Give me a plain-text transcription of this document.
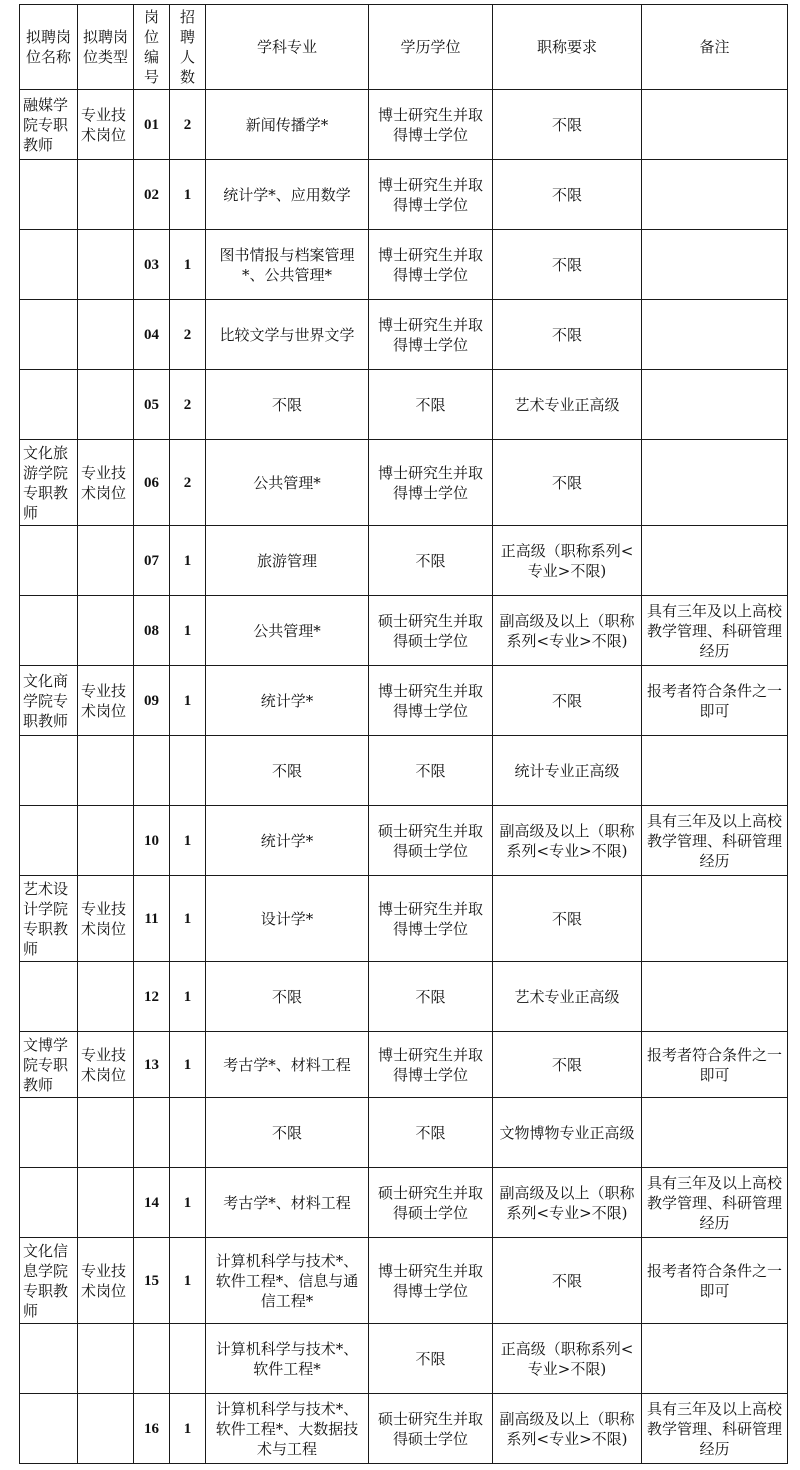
拟聘岗位名称	拟聘岗位类型	岗位编号	招聘人数	学科专业	学历学位	职称要求	备注
融媒学院专职教师	专业技术岗位	01	2	新闻传播学*	博士研究生并取得博士学位	不限	
		02	1	统计学*、应用数学	博士研究生并取得博士学位	不限	
		03	1	图书情报与档案管理*、公共管理*	博士研究生并取得博士学位	不限	
		04	2	比较文学与世界文学	博士研究生并取得博士学位	不限	
		05	2	不限	不限	艺术专业正高级	
文化旅游学院专职教师	专业技术岗位	06	2	公共管理*	博士研究生并取得博士学位	不限	
		07	1	旅游管理	不限	正高级（职称系列<专业>不限)	
		08	1	公共管理*	硕士研究生并取得硕士学位	副高级及以上（职称系列<专业>不限)	具有三年及以上高校教学管理、科研管理经历
文化商学院专职教师	专业技术岗位	09	1	统计学*	博士研究生并取得博士学位	不限	报考者符合条件之一即可
				不限	不限	统计专业正高级	
		10	1	统计学*	硕士研究生并取得硕士学位	副高级及以上（职称系列<专业>不限)	具有三年及以上高校教学管理、科研管理经历
艺术设计学院专职教师	专业技术岗位	11	1	设计学*	博士研究生并取得博士学位	不限	
		12	1	不限	不限	艺术专业正高级	
文博学院专职教师	专业技术岗位	13	1	考古学*、材料工程	博士研究生并取得博士学位	不限	报考者符合条件之一即可
				不限	不限	文物博物专业正高级	
		14	1	考古学*、材料工程	硕士研究生并取得硕士学位	副高级及以上（职称系列<专业>不限)	具有三年及以上高校教学管理、科研管理经历
文化信息学院专职教师	专业技术岗位	15	1	计算机科学与技术*、软件工程*、信息与通信工程*	博士研究生并取得博士学位	不限	报考者符合条件之一即可
				计算机科学与技术*、软件工程*	不限	正高级（职称系列<专业>不限)	
		16	1	计算机科学与技术*、软件工程*、大数据技术与工程	硕士研究生并取得硕士学位	副高级及以上（职称系列<专业>不限)	具有三年及以上高校教学管理、科研管理经历
